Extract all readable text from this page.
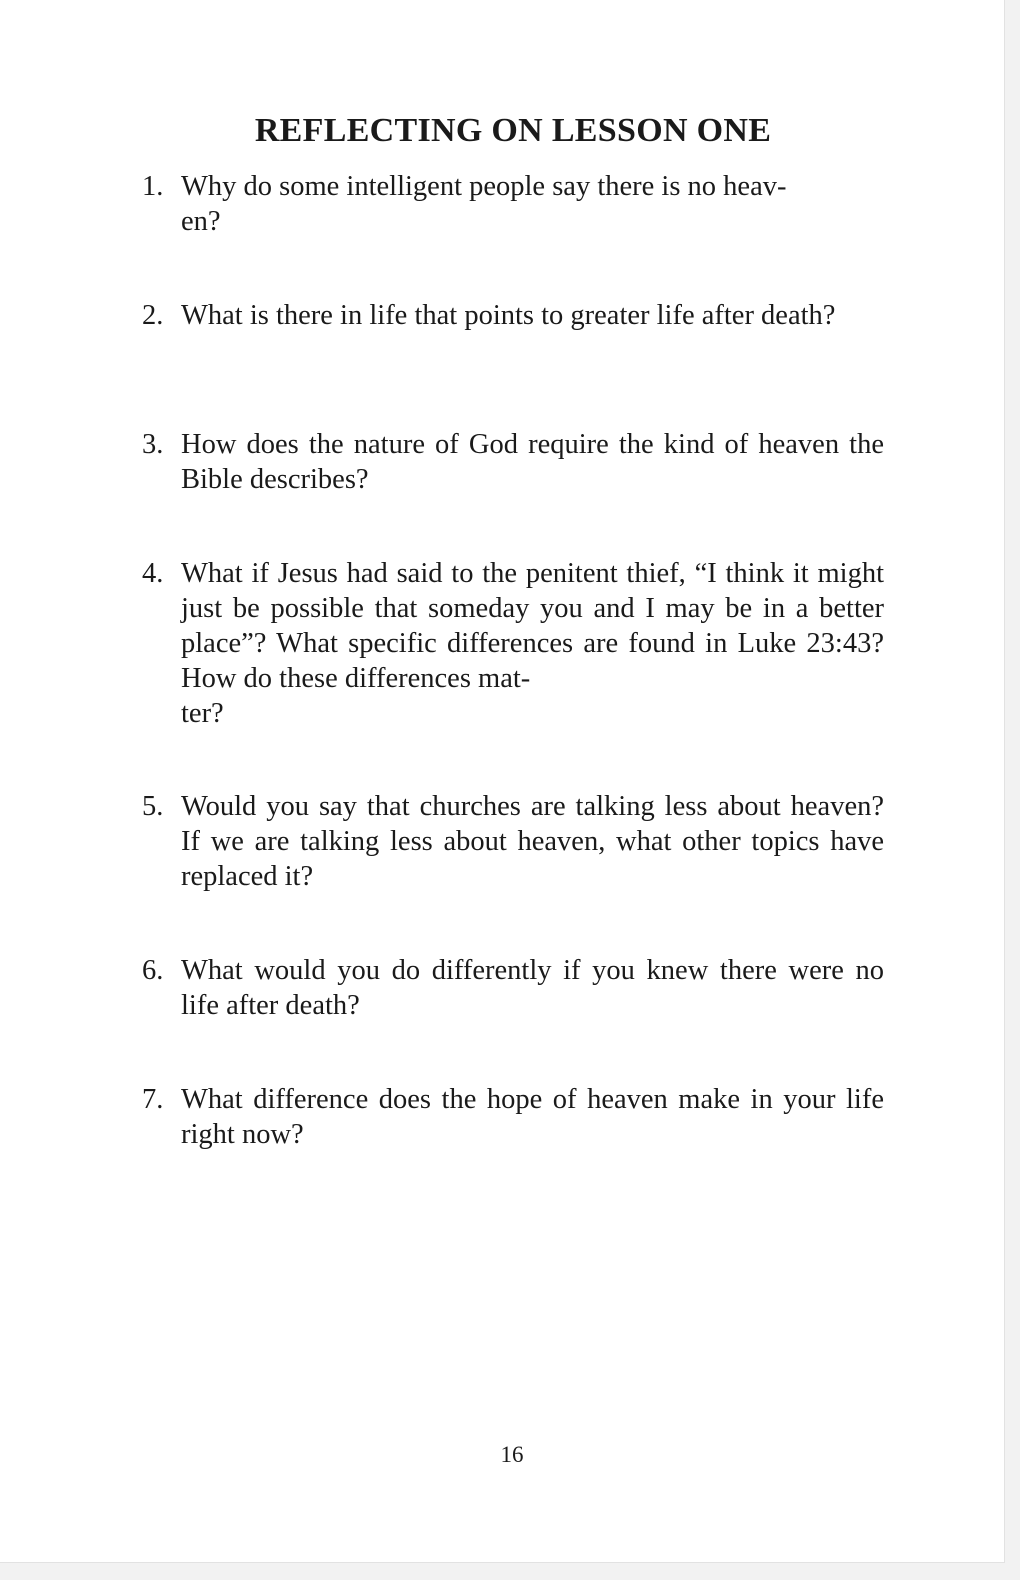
REFLECTING ON LESSON ONE
1. Why do some intelligent people say there is no heav-
en?
2. What is there in life that points to greater life after death?
3. How does the nature of God require the kind of heaven the Bible describes?
4. What if Jesus had said to the penitent thief, “I think it might just be possible that someday you and I may be in a better place”? What specific differences are found in Luke 23:43? How do these differences mat-
ter?
5. Would you say that churches are talking less about heaven? If we are talking less about heaven, what other topics have replaced it?
6. What would you do differently if you knew there were no life after death?
7. What difference does the hope of heaven make in your life right now?
16
